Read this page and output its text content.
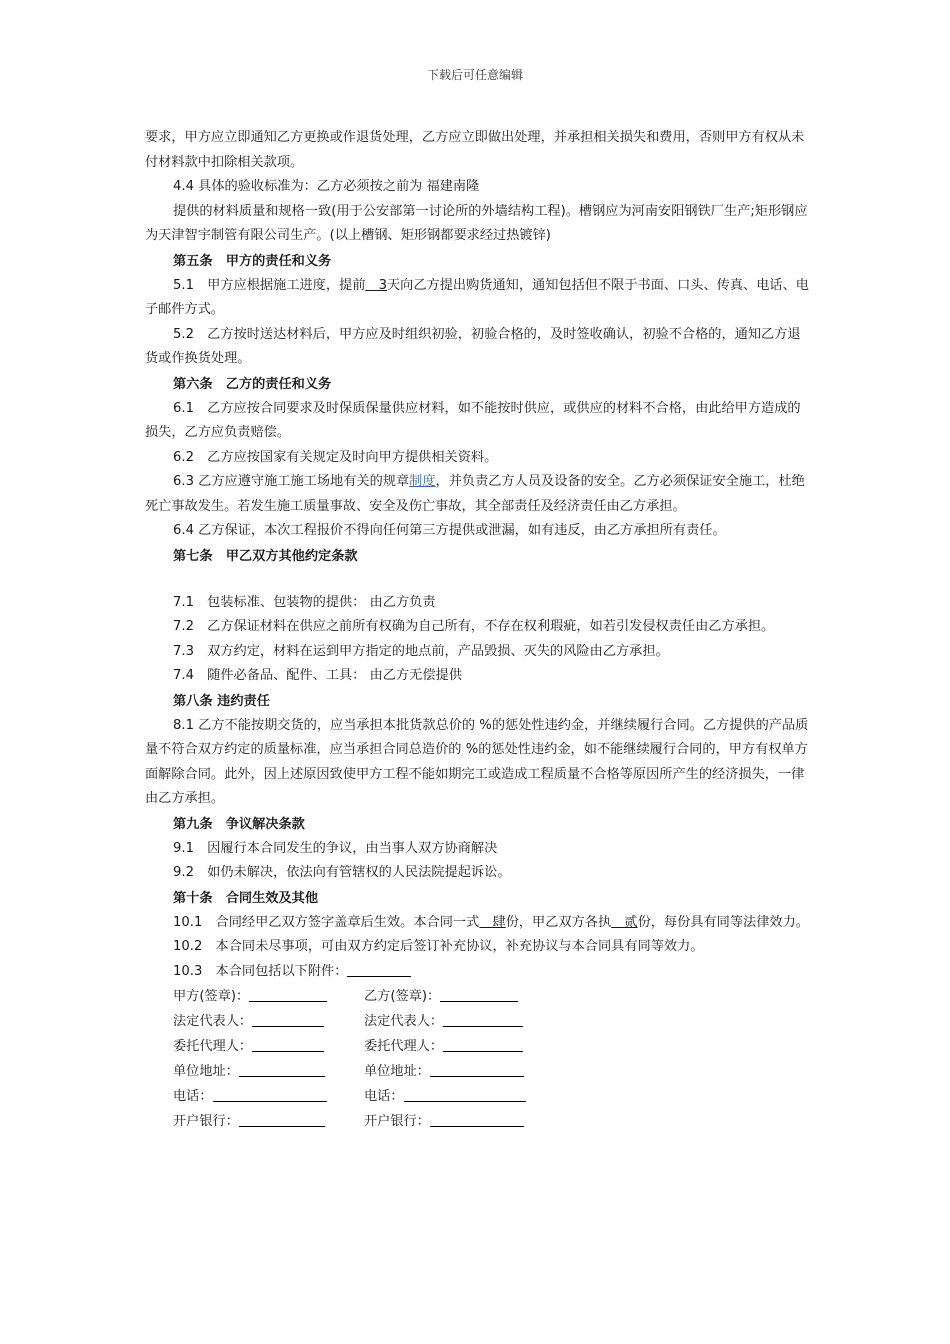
下载后可任意编辑

要求，甲方应立即通知乙方更换或作退货处理，乙方应立即做出处理，并承担相关损失和费用，否则甲方有权从未付材料款中扣除相关款项。

4.4 具体的验收标准为：乙方必须按之前为 福建南隆

提供的材料质量和规格一致(用于公安部第一讨论所的外墙结构工程)。槽钢应为河南安阳钢铁厂生产;矩形钢应为天津智宇制管有限公司生产。(以上槽钢、矩形钢都要求经过热镀锌)

第五条　甲方的责任和义务

5.1　甲方应根据施工进度，提前　3天向乙方提出购货通知，通知包括但不限于书面、口头、传真、电话、电子邮件方式。

5.2　乙方按时送达材料后，甲方应及时组织初验，初验合格的，及时签收确认，初验不合格的，通知乙方退货或作换货处理。

第六条　乙方的责任和义务

6.1　乙方应按合同要求及时保质保量供应材料，如不能按时供应，或供应的材料不合格，由此给甲方造成的损失，乙方应负责赔偿。

6.2　乙方应按国家有关规定及时向甲方提供相关资料。

6.3 乙方应遵守施工施工场地有关的规章制度，并负责乙方人员及设备的安全。乙方必须保证安全施工，杜绝死亡事故发生。若发生施工质量事故、安全及伤亡事故，其全部责任及经济责任由乙方承担。

6.4 乙方保证，本次工程报价不得向任何第三方提供或泄漏，如有违反，由乙方承担所有责任。

第七条　甲乙双方其他约定条款

7.1　包装标准、包装物的提供： 由乙方负责

7.2　乙方保证材料在供应之前所有权确为自己所有，不存在权利瑕疵，如若引发侵权责任由乙方承担。

7.3　双方约定，材料在运到甲方指定的地点前，产品毁损、灭失的风险由乙方承担。

7.4　随件必备品、配件、工具： 由乙方无偿提供

第八条 违约责任

8.1 乙方不能按期交货的，应当承担本批货款总价的 %的惩处性违约金，并继续履行合同。乙方提供的产品质量不符合双方约定的质量标准，应当承担合同总造价的 %的惩处性违约金，如不能继续履行合同的，甲方有权单方面解除合同。此外，因上述原因致使甲方工程不能如期完工或造成工程质量不合格等原因所产生的经济损失，一律由乙方承担。

第九条　争议解决条款

9.1　因履行本合同发生的争议，由当事人双方协商解决

9.2　如仍未解决，依法向有管辖权的人民法院提起诉讼。

第十条　合同生效及其他

10.1　合同经甲乙双方签字盖章后生效。本合同一式　肆份，甲乙双方各执　贰份，每份具有同等法律效力。

10.2　本合同未尽事项，可由双方约定后签订补充协议，补充协议与本合同具有同等效力。

10.3　本合同包括以下附件：

甲方(签章)：	乙方(签章)：
法定代表人：	法定代表人：
委托代理人：	委托代理人：
单位地址：	单位地址：
电话：	电话：
开户银行：	开户银行：
